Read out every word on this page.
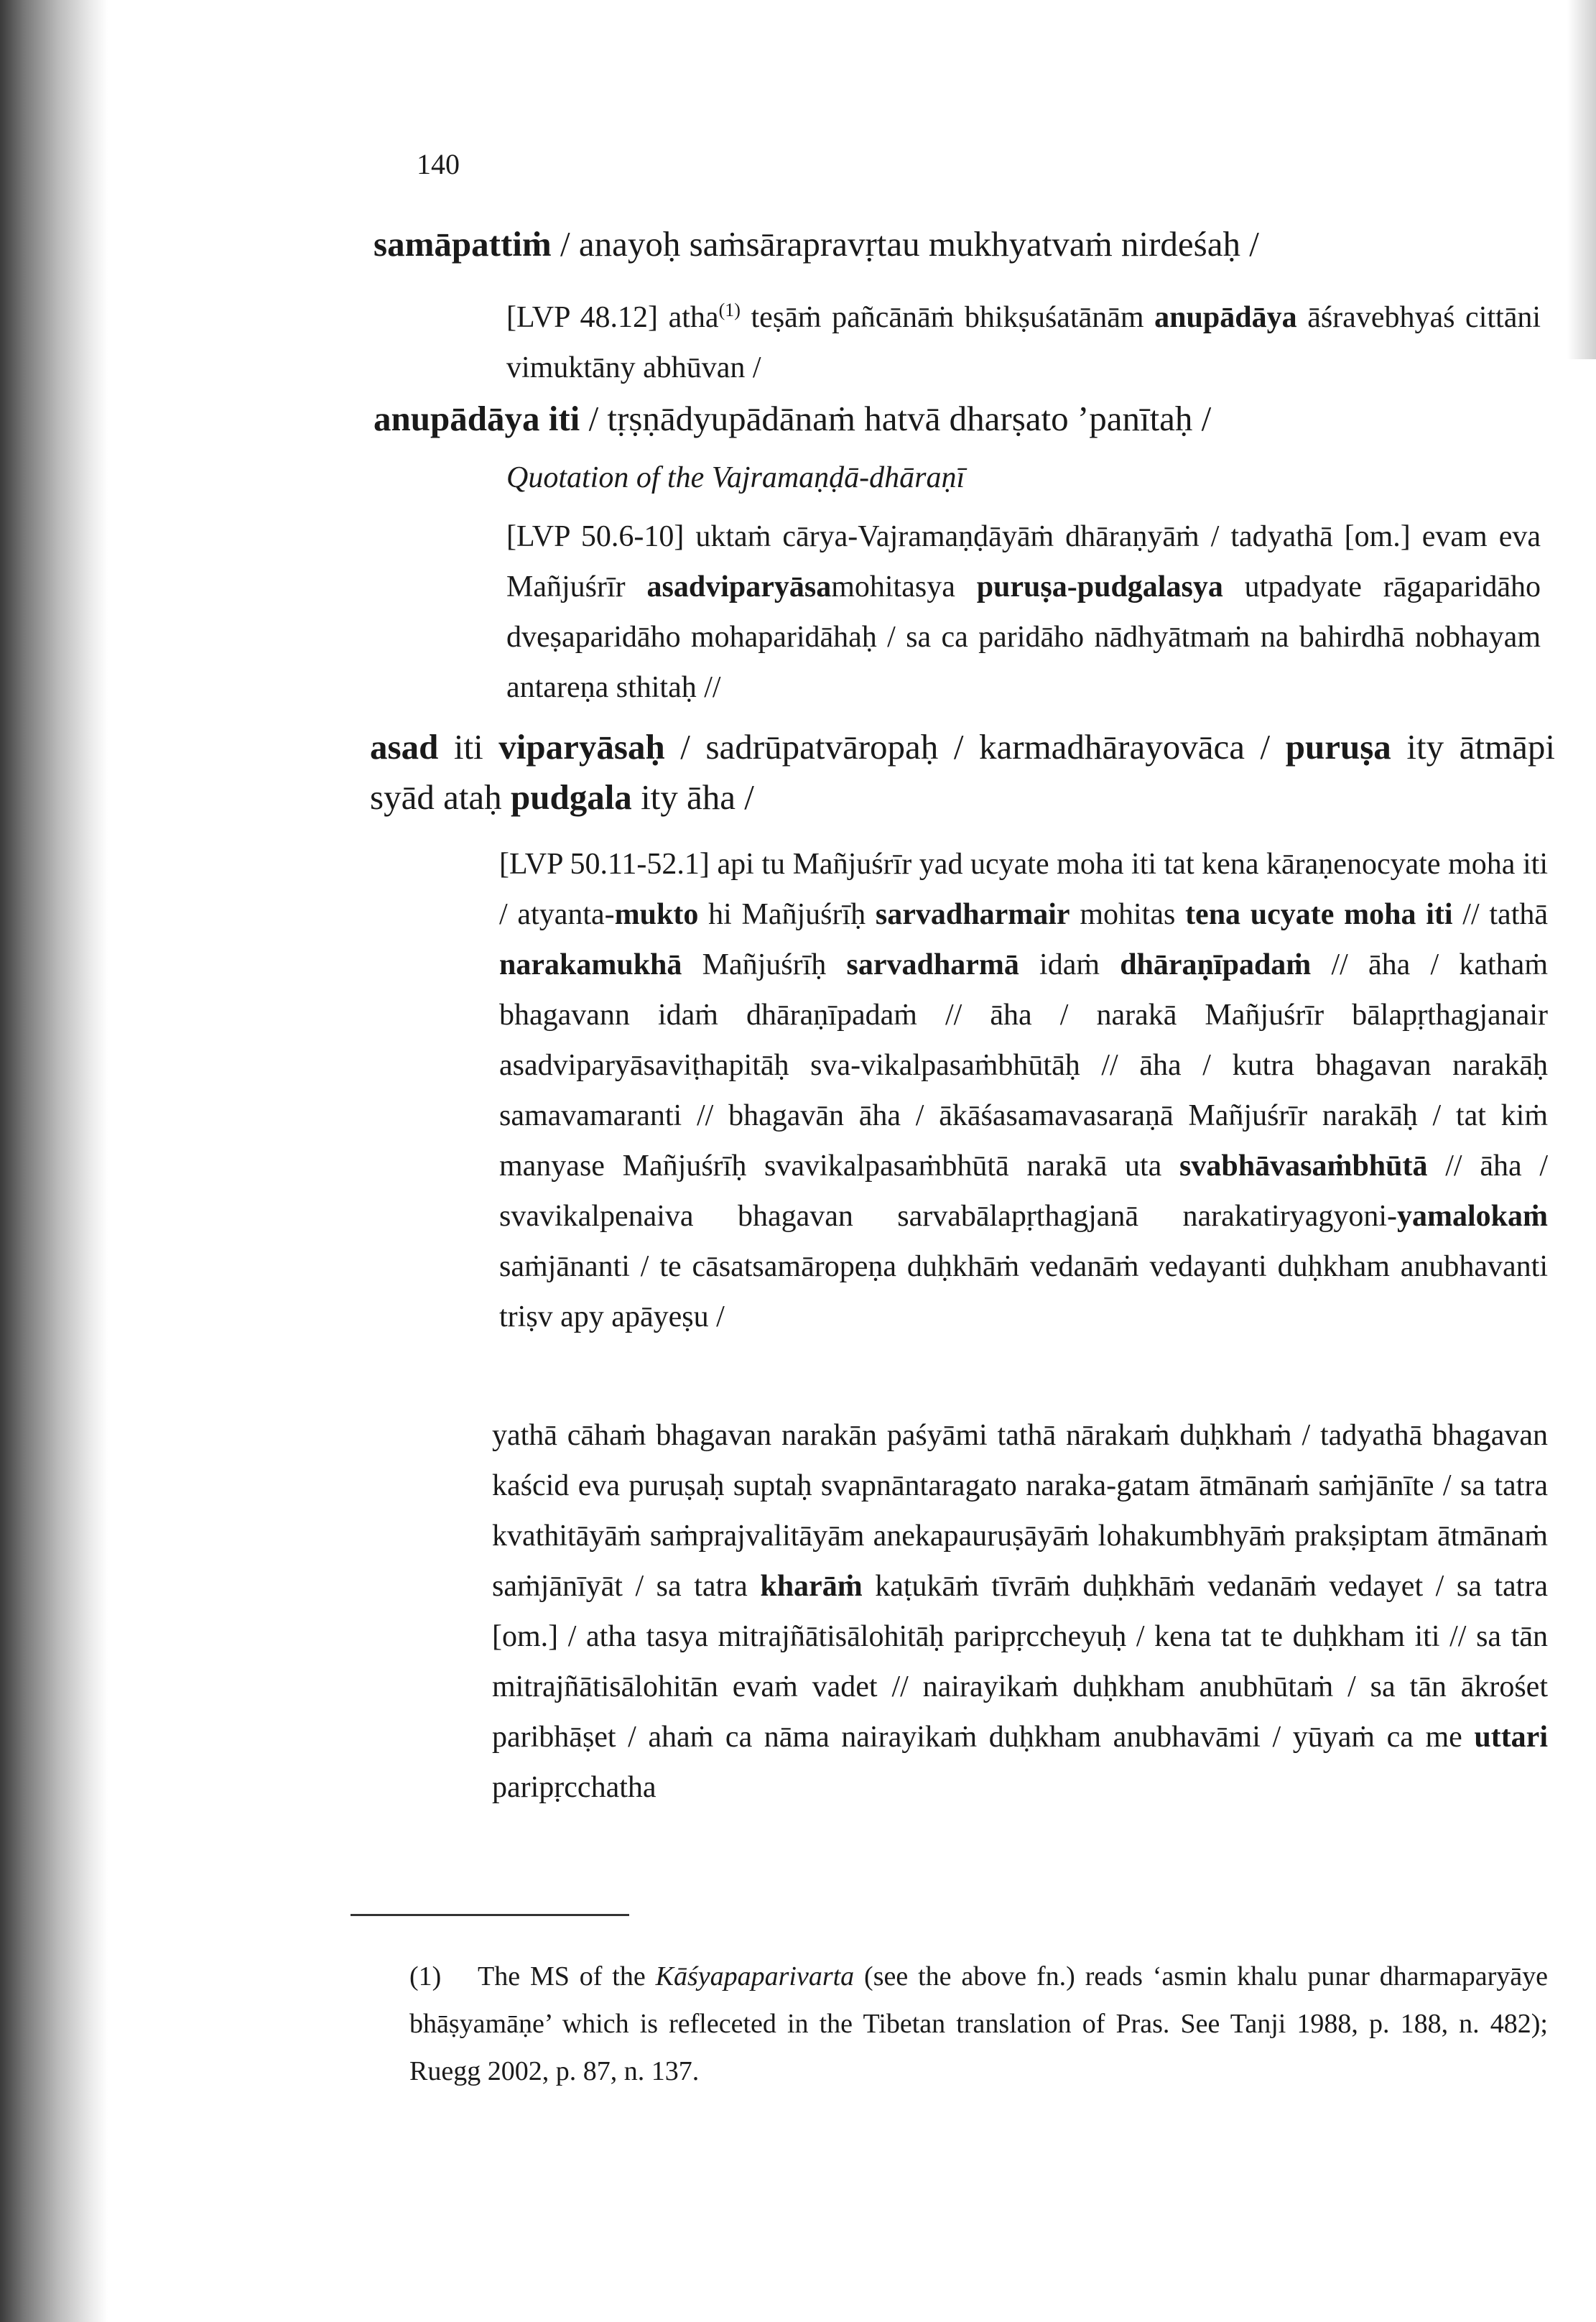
140

samāpattiṁ / anayoḥ saṁsārapravṛtau mukhyatvaṁ nirdeśaḥ /

[LVP 48.12] atha$^{(1)}$ teṣāṁ pañcānāṁ bhikṣuśatānām anupādāya āśravebhyaś cittāni vimuktāny abhūvan /

anupādāya iti / tṛṣṇādyupādānaṁ hatvā dharṣato ’panītaḥ /

Quotation of the Vajramaṇḍā-dhāraṇī

[LVP 50.6-10] uktaṁ cārya-Vajramaṇḍāyāṁ dhāraṇyāṁ / tadyathā [om.] evam eva Mañjuśrīr asadviparyāsamohitasya puruṣa-pudgalasya utpadyate rāgaparidāho dveṣaparidāho mohaparidāhaḥ / sa ca paridāho nādhyātmaṁ na bahirdhā nobhayam antareṇa sthitaḥ //

asad iti viparyāsaḥ / sadrūpatvāropaḥ / karmadhārayovāca / puruṣa ity ātmāpi syād ataḥ pudgala ity āha /

[LVP 50.11-52.1] api tu Mañjuśrīr yad ucyate moha iti tat kena kāraṇenocyate moha iti / atyanta-mukto hi Mañjuśrīḥ sarvadharmair mohitas tena ucyate moha iti // tathā narakamukhā Mañjuśrīḥ sarvadharmā idaṁ dhāraṇīpadaṁ // āha / kathaṁ bhagavann idaṁ dhāraṇīpadaṁ // āha / narakā Mañjuśrīr bālapṛthagjanair asadviparyāsaviṭhapitāḥ sva-vikalpasaṁbhūtāḥ // āha / kutra bhagavan narakāḥ samavamaranti // bhagavān āha / ākāśasamavasaraṇā Mañjuśrīr narakāḥ / tat kiṁ manyase Mañjuśrīḥ svavikalpasaṁbhūtā narakā uta svabhāvasaṁbhūtā // āha / svavikalpenaiva bhagavan sarvabālapṛthagjanā narakatiryagyoni-yamalokaṁ saṁjānanti / te cāsatsamāropeṇa duḥkhāṁ vedanāṁ vedayanti duḥkham anubhavanti triṣv apy apāyeṣu /

yathā cāhaṁ bhagavan narakān paśyāmi tathā nārakaṁ duḥkhaṁ / tadyathā bhagavan kaścid eva puruṣaḥ suptaḥ svapnāntaragato naraka-gatam ātmānaṁ saṁjānīte / sa tatra kvathitāyāṁ saṁprajvalitāyām anekapauruṣāyāṁ lohakumbhyāṁ prakṣiptam ātmānaṁ saṁjānīyāt / sa tatra kharāṁ kaṭukāṁ tīvrāṁ duḥkhāṁ vedanāṁ vedayet / sa tatra [om.] / atha tasya mitrajñātisālohitāḥ paripṛccheyuḥ / kena tat te duḥkham iti // sa tān mitrajñātisālohitān evaṁ vadet // nairayikaṁ duḥkham anubhūtaṁ / sa tān ākrośet paribhāṣet / ahaṁ ca nāma nairayikaṁ duḥkham anubhavāmi / yūyaṁ ca me uttari paripṛcchatha

(1) The MS of the Kāśyapaparivarta (see the above fn.) reads ‘asmin khalu punar dharmaparyāye bhāṣyamāṇe’ which is refleceted in the Tibetan translation of Pras. See Tanji 1988, p. 188, n. 482); Ruegg 2002, p. 87, n. 137.
